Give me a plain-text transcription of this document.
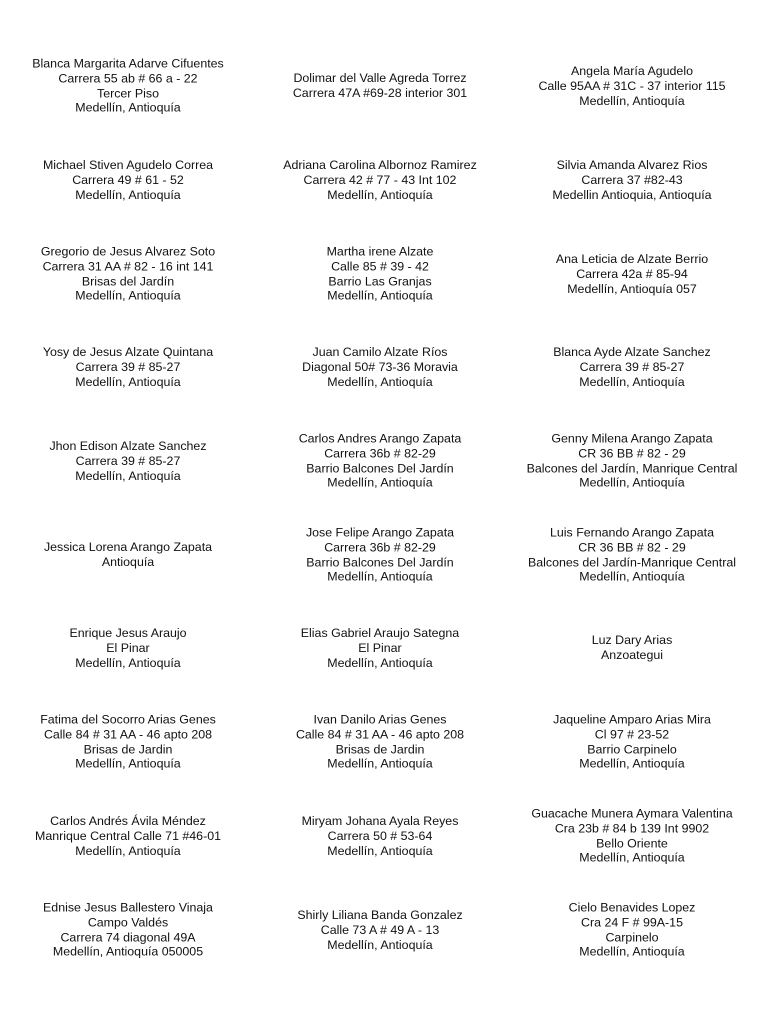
Blanca Margarita Adarve Cifuentes
Carrera 55 ab # 66 a - 22
Tercer Piso
Medellín, Antioquía
Dolimar del Valle Agreda Torrez
Carrera 47A #69-28 interior 301
Angela María Agudelo
Calle 95AA # 31C - 37 interior 115
Medellín, Antioquía
Michael Stiven Agudelo Correa
Carrera 49 # 61 - 52
Medellín, Antioquía
Adriana Carolina Albornoz Ramirez
Carrera 42 # 77 - 43 Int 102
Medellín, Antioquía
Silvia Amanda Alvarez Rios
Carrera 37 #82-43
Medellin Antioquia, Antioquía
Gregorio de Jesus Alvarez Soto
Carrera 31 AA # 82 - 16 int 141
Brisas del Jardín
Medellín, Antioquía
Martha irene Alzate
Calle 85 # 39 - 42
Barrio Las Granjas
Medellín, Antioquía
Ana Leticia de Alzate Berrio
Carrera 42a # 85-94
Medellín, Antioquía 057
Yosy de Jesus Alzate Quintana
Carrera 39 # 85-27
Medellín, Antioquía
Juan Camilo Alzate Ríos
Diagonal 50# 73-36 Moravia
Medellín, Antioquía
Blanca Ayde Alzate Sanchez
Carrera 39 # 85-27
Medellín, Antioquía
Jhon Edison Alzate Sanchez
Carrera 39 # 85-27
Medellín, Antioquía
Carlos Andres Arango Zapata
Carrera 36b # 82-29
Barrio Balcones Del Jardín
Medellín, Antioquía
Genny Milena Arango Zapata
CR 36 BB # 82 - 29
Balcones del Jardín, Manrique Central
Medellín, Antioquía
Jessica Lorena Arango Zapata
Antioquía
Jose Felipe Arango Zapata
Carrera 36b # 82-29
Barrio Balcones Del Jardín
Medellín, Antioquía
Luis Fernando Arango Zapata
CR 36 BB # 82 - 29
Balcones del Jardín-Manrique Central
Medellín, Antioquía
Enrique Jesus Araujo
El Pinar
Medellín, Antioquía
Elias Gabriel Araujo Sategna
El Pinar
Medellín, Antioquía
Luz Dary Arias
Anzoategui
Fatima del Socorro Arias Genes
Calle 84 # 31 AA - 46 apto 208
Brisas de Jardin
Medellín, Antioquía
Ivan Danilo Arias Genes
Calle 84 # 31 AA - 46 apto 208
Brisas de Jardin
Medellín, Antioquía
Jaqueline Amparo Arias Mira
Cl 97 # 23-52
Barrio Carpinelo
Medellín, Antioquía
Carlos Andrés Ávila Méndez
Manrique Central Calle 71 #46-01
Medellín, Antioquía
Miryam Johana Ayala Reyes
Carrera 50 # 53-64
Medellín, Antioquía
Guacache Munera Aymara Valentina
Cra 23b # 84 b 139 Int 9902
Bello Oriente
Medellín, Antioquía
Ednise Jesus Ballestero Vinaja
Campo Valdés
Carrera 74 diagonal 49A
Medellín, Antioquía 050005
Shirly Liliana Banda Gonzalez
Calle 73 A # 49 A - 13
Medellín, Antioquía
Cielo Benavides Lopez
Cra 24 F # 99A-15
Carpinelo
Medellín, Antioquía
